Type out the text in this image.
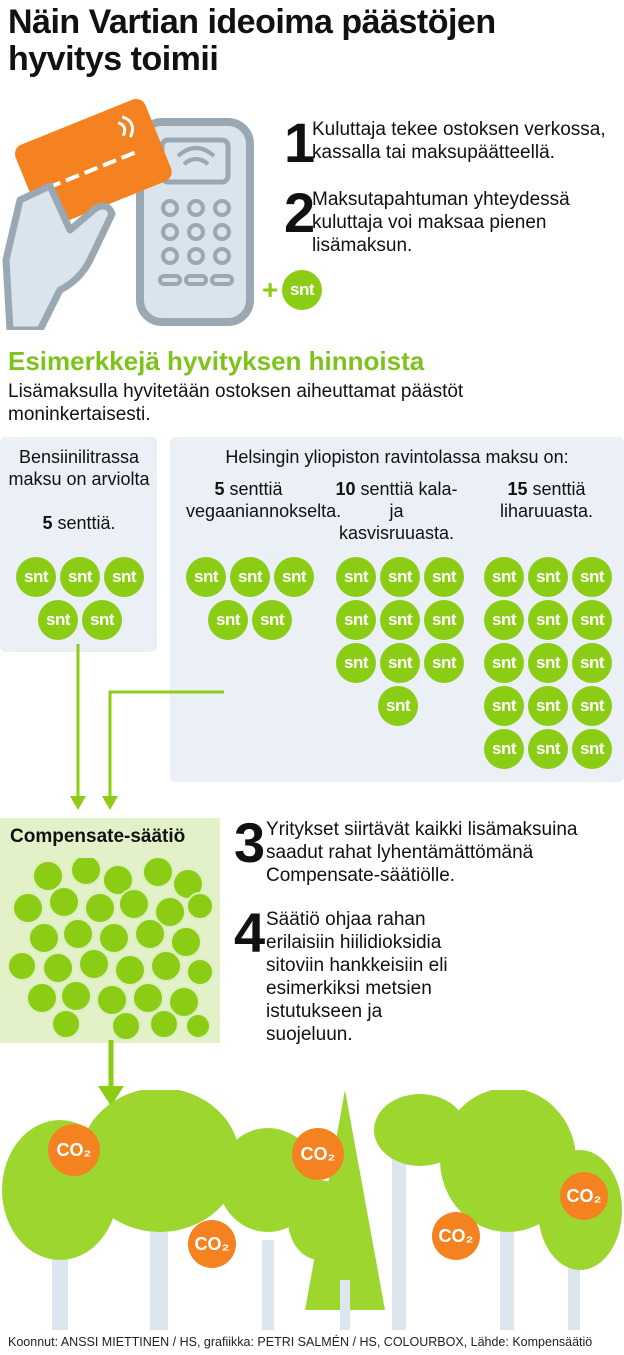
Näin Vartian ideoima päästöjen hyvitys toimii
+ snt
1
Kuluttaja tekee ostoksen verkossa, kassalla tai maksupäätteellä.
2
Maksutapahtuman yhteydessä kuluttaja voi maksaa pienen lisämaksun.
Esimerkkejä hyvityksen hinnoista
Lisämaksulla hyvitetään ostoksen aiheuttamat päästöt moninkertaisesti.
Bensiinilitrassa maksu on arviolta
5 senttiä.
snt	snt	snt
snt	snt
Helsingin yliopiston ravintolassa maksu on:
5 senttiä vegaaniannokselta.
10 senttiä kala- ja kasvisruuasta.
15 senttiä liharuuasta.
snt	snt	snt
snt	snt
snt	snt	snt
snt	snt	snt
snt	snt	snt
snt
snt	snt	snt
snt	snt	snt
snt	snt	snt
snt	snt	snt
snt	snt	snt
Compensate-säätiö 3 Yritykset siirtävät kaikki lisämaksuina saadut rahat lyhentämättömänä Compensate-säätiölle.
4 Säätiö ohjaa rahan erilaisiin hiilidioksidia sitoviin hankkeisiin eli esimerkiksi metsien istutukseen ja suojeluun.
CO₂
CO₂
CO₂
CO₂
CO₂
Koonnut: ANSSI MIETTINEN / HS, grafiikka: PETRI SALMÉN / HS, COLOURBOX, Lähde: Kompensäätiö
